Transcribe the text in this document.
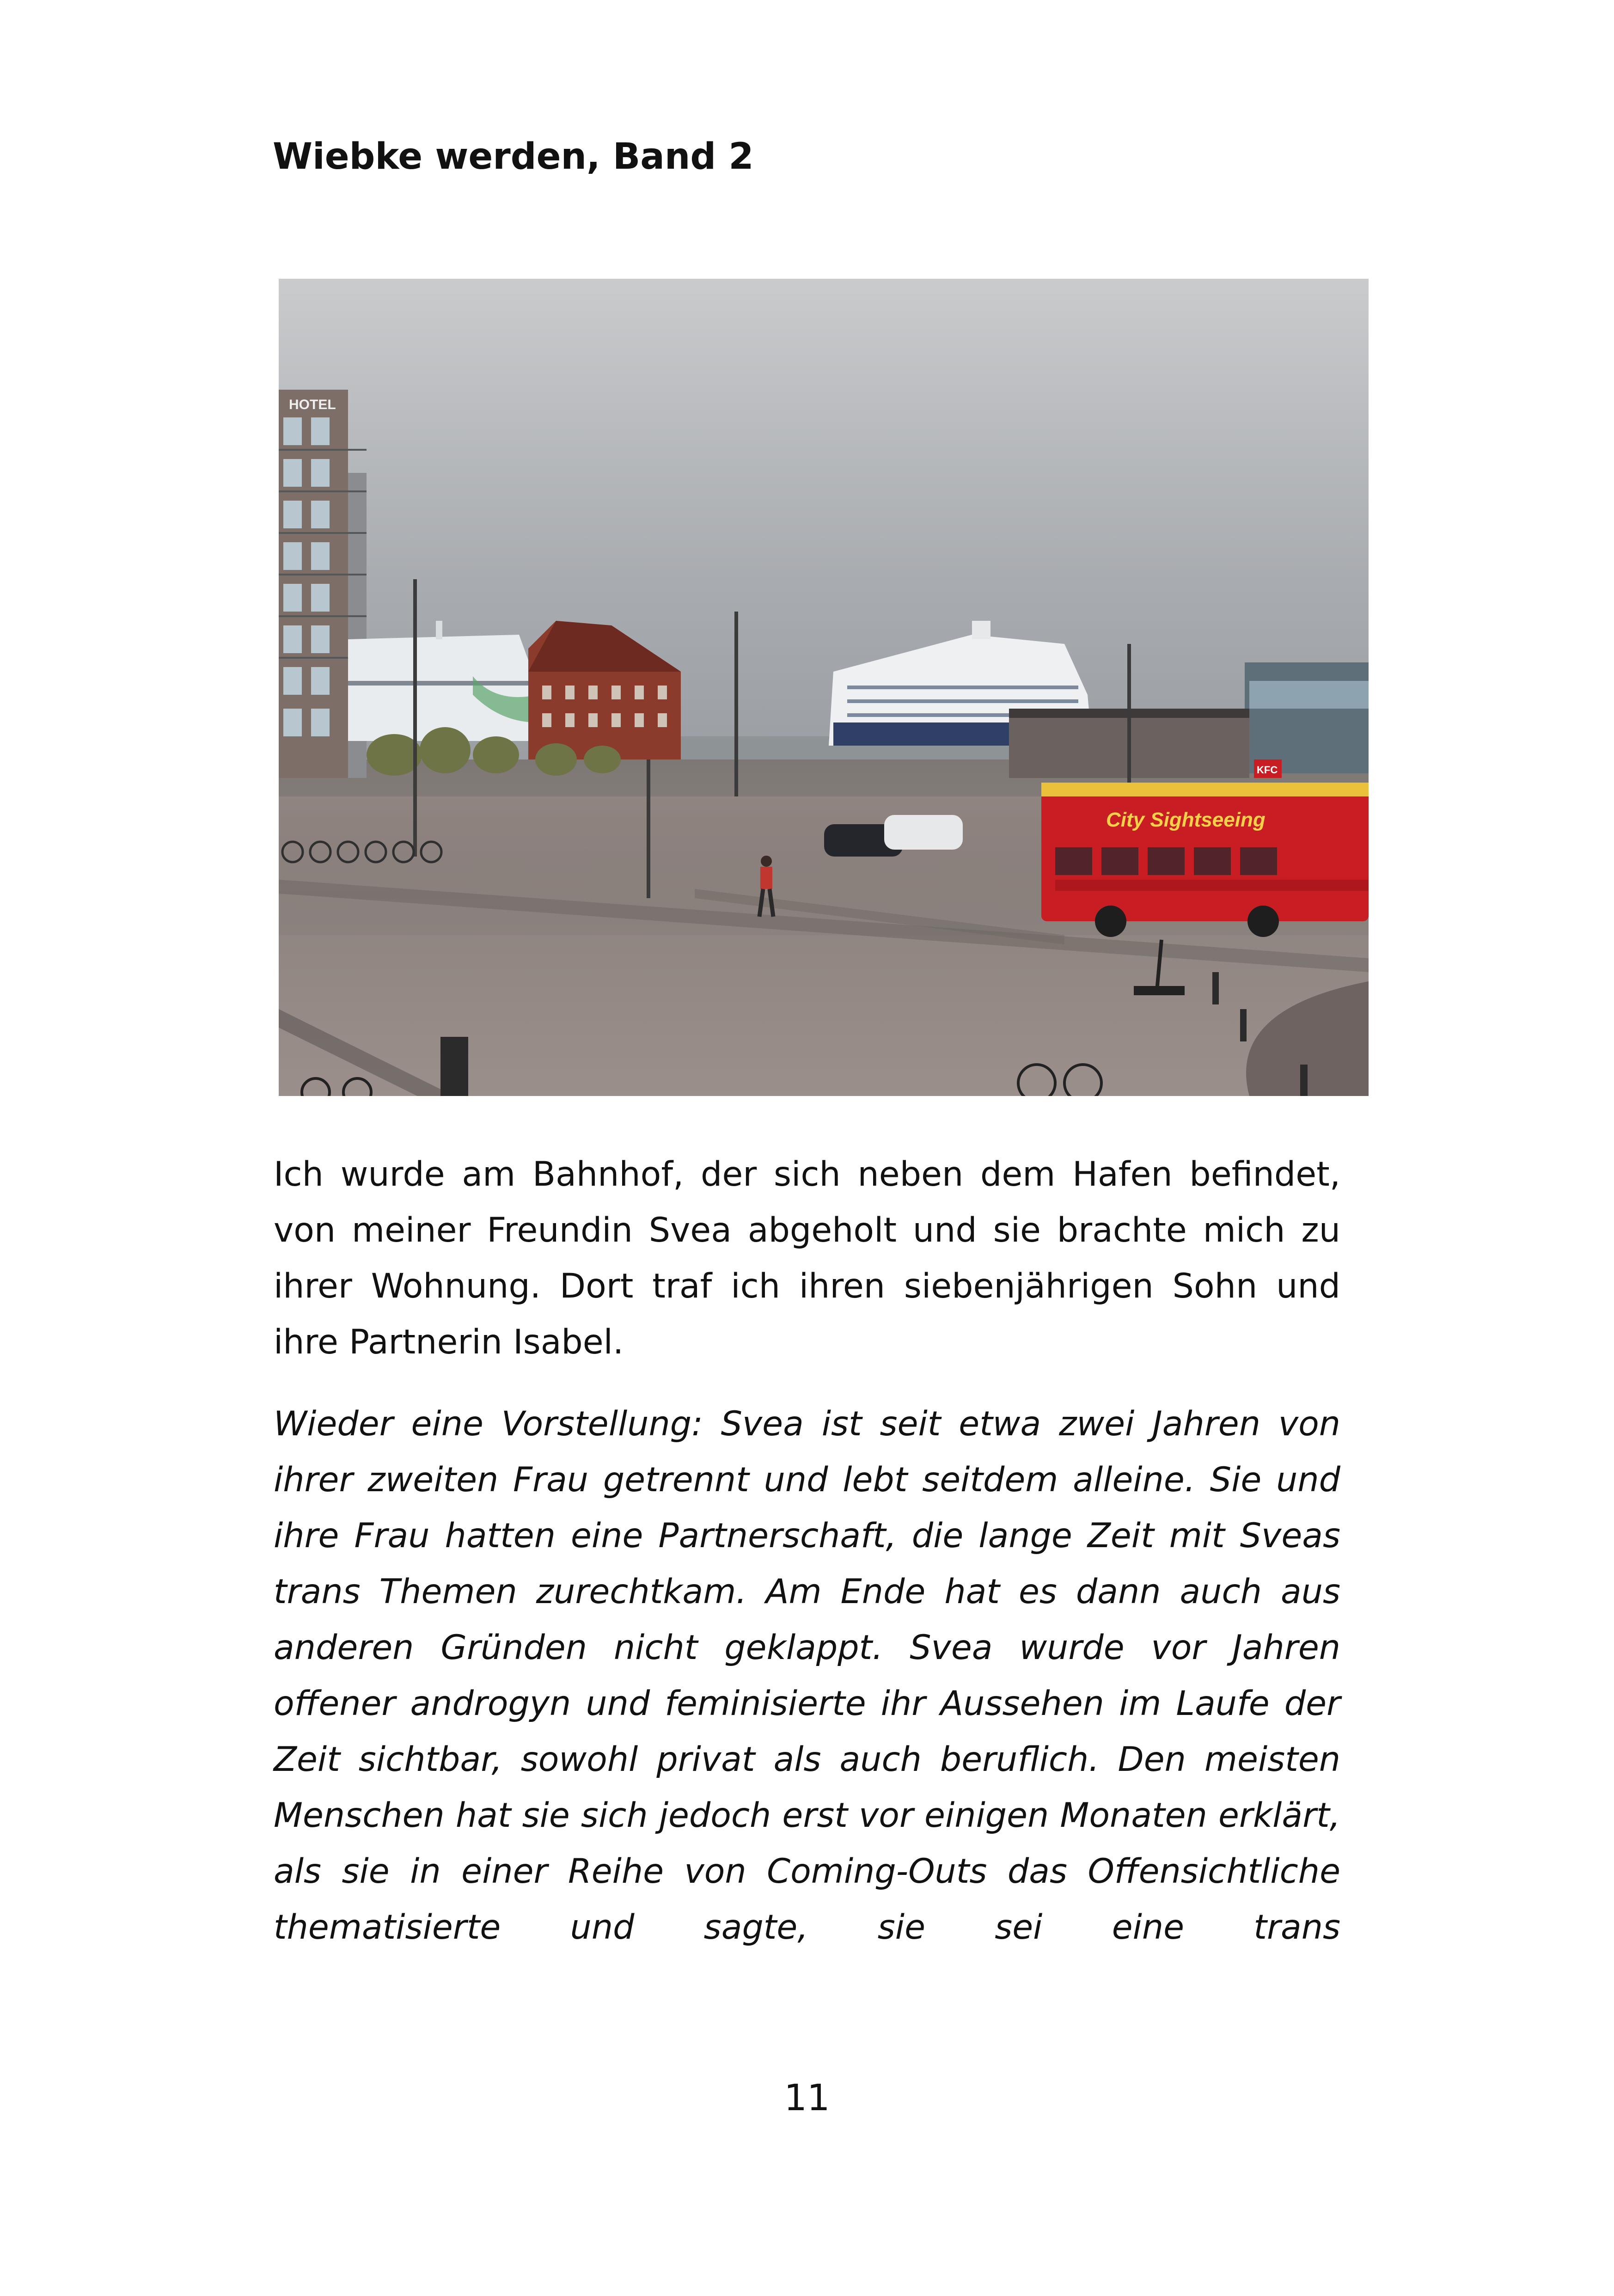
Wiebke werden, Band 2
HOTEL
City Sightseeing
KFC

Ich wurde am Bahnhof, der sich neben dem Hafen befindet, von meiner Freundin Svea abgeholt und sie brachte mich zu ihrer Wohnung. Dort traf ich ihren siebenjährigen Sohn und ihre Partnerin Isabel.

Wieder eine Vorstellung: Svea ist seit etwa zwei Jahren von ihrer zweiten Frau getrennt und lebt seitdem alleine. Sie und ihre Frau hatten eine Partnerschaft, die lange Zeit mit Sveas trans Themen zurechtkam. Am Ende hat es dann auch aus anderen Gründen nicht geklappt. Svea wurde vor Jahren offener androgyn und feminisierte ihr Aussehen im Laufe der Zeit sichtbar, sowohl privat als auch beruflich. Den meisten Menschen hat sie sich jedoch erst vor einigen Monaten erklärt, als sie in einer Reihe von Coming-Outs das Offensichtliche thematisierte und sagte, sie sei eine trans

11
